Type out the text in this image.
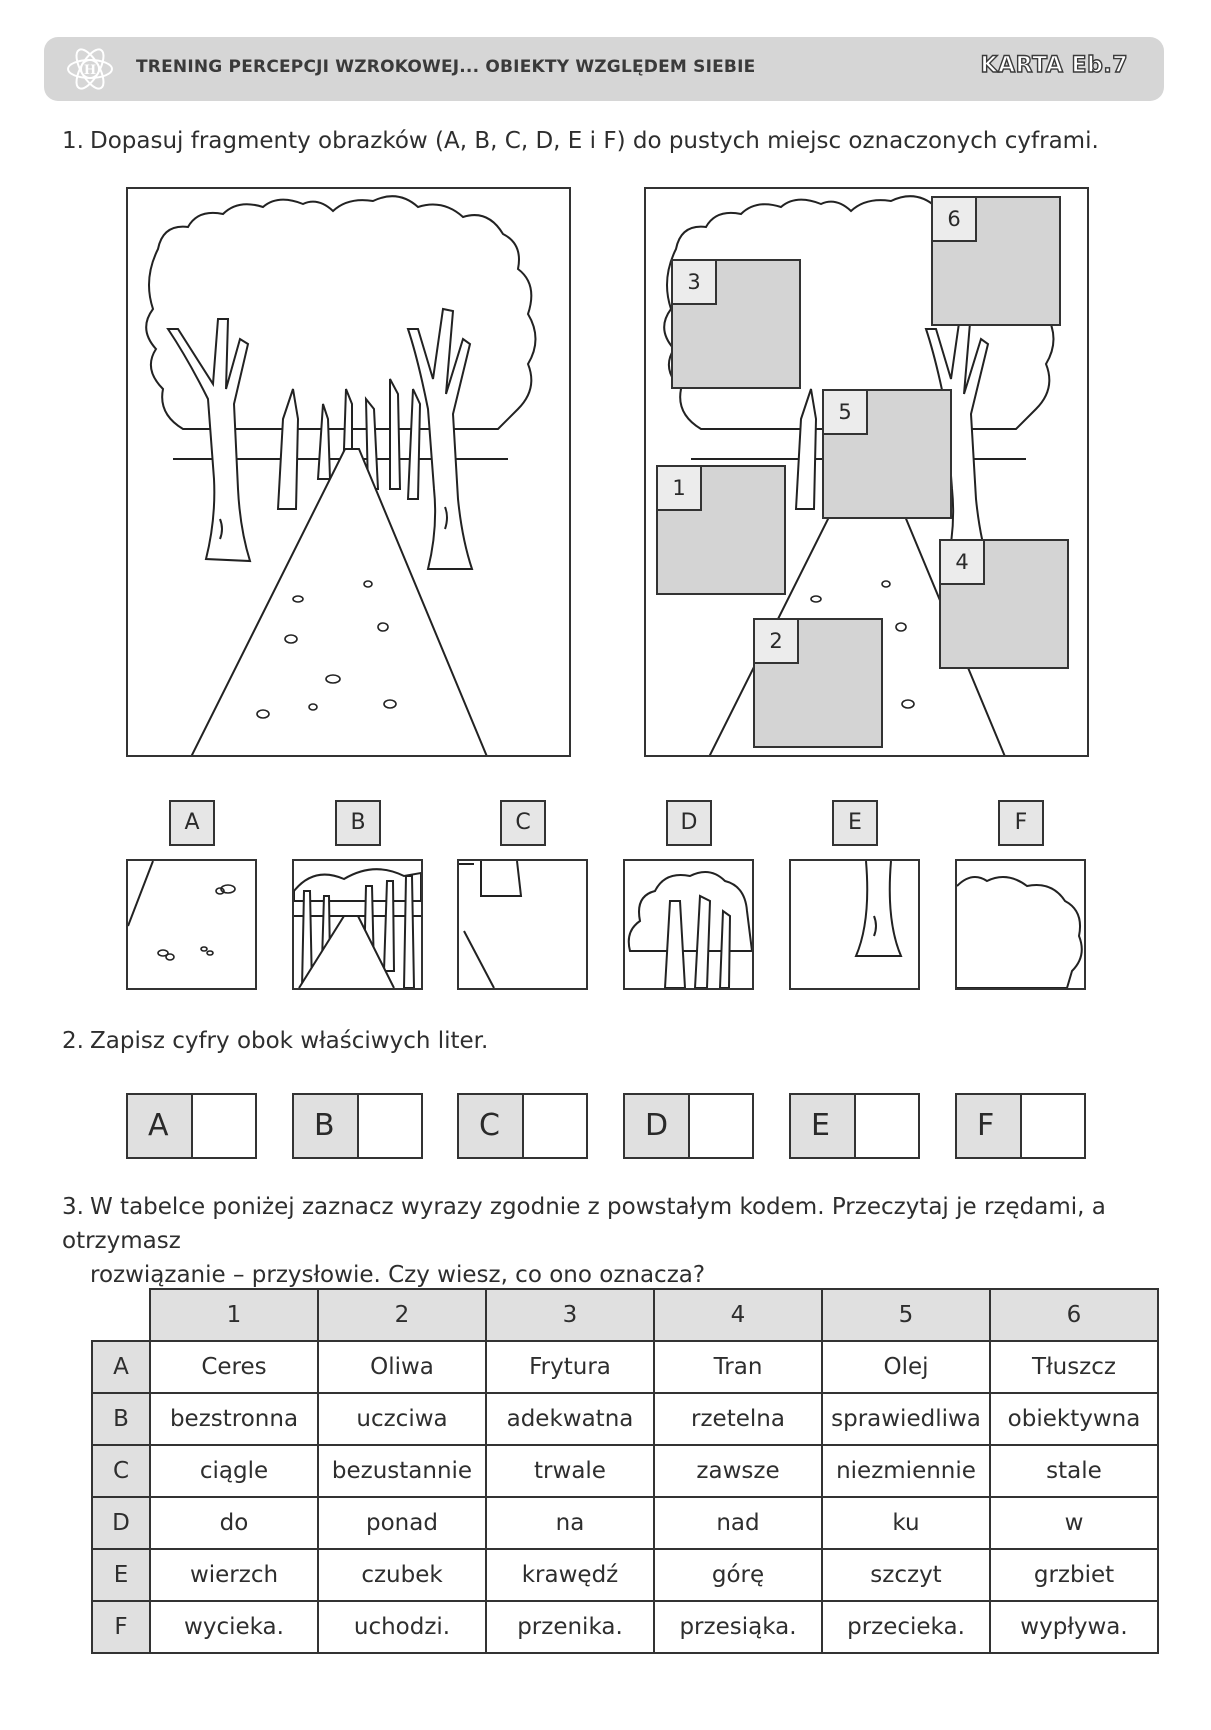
H TRENING PERCEPCJI WZROKOWEJ... OBIEKTY WZGLĘDEM SIEBIE	KARTA Eb.7
1. Dopasuj fragmenty obrazków (A, B, C, D, E i F) do pustych miejsc oznaczonych cyframi.
1
2
3
4
5
6
A	B	C	D	E	F
2. Zapisz cyfry obok właściwych liter.
A	B	C	D	E	F
3. W tabelce poniżej zaznacz wyrazy zgodnie z powstałym kodem. Przeczytaj je rzędami, a otrzymasz
rozwiązanie – przysłowie. Czy wiesz, co ono oznacza?
	1	2	3	4	5	6
A	Ceres	Oliwa	Frytura	Tran	Olej	Tłuszcz
B	bezstronna	uczciwa	adekwatna	rzetelna	sprawiedliwa	obiektywna
C	ciągle	bezustannie	trwale	zawsze	niezmiennie	stale
D	do	ponad	na	nad	ku	w
E	wierzch	czubek	krawędź	górę	szczyt	grzbiet
F	wycieka.	uchodzi.	przenika.	przesiąka.	przecieka.	wypływa.
